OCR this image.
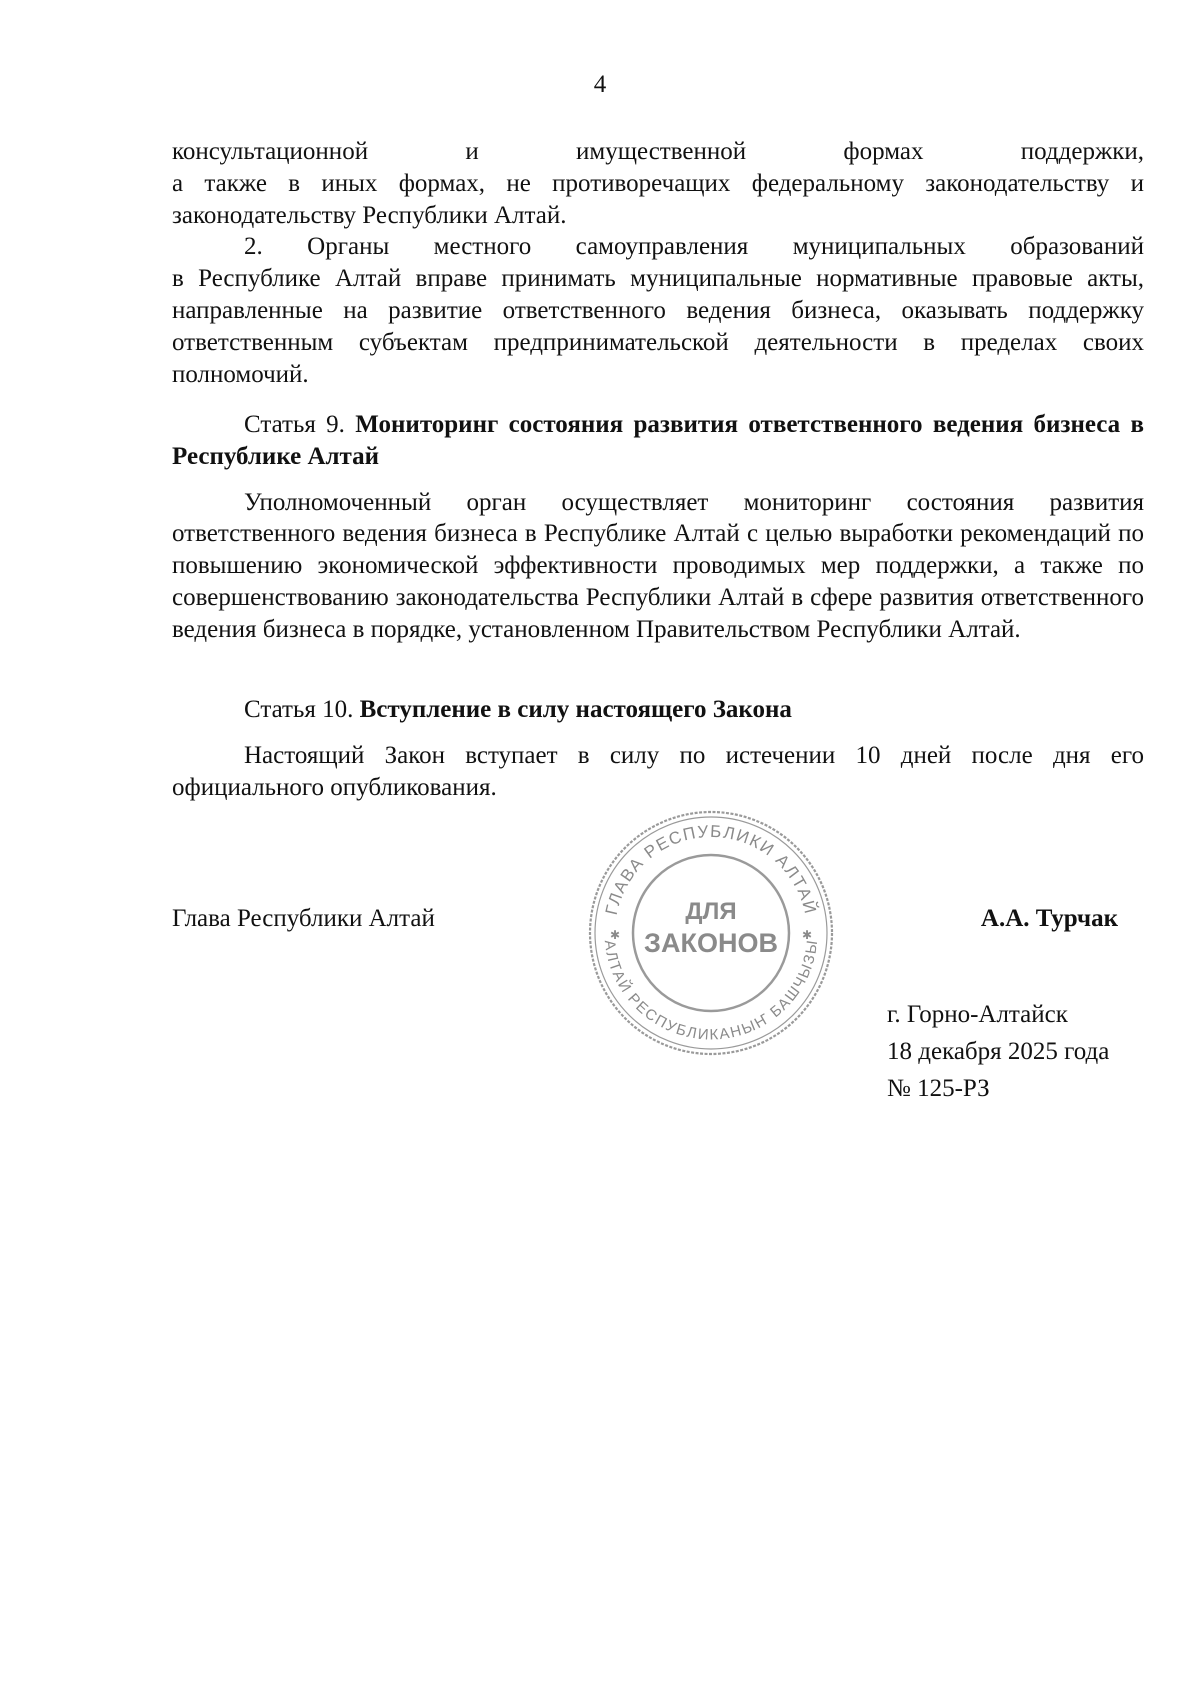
4

консультационной и имущественной формах поддержки,

а также в иных формах, не противоречащих федеральному законодательству и законодательству Республики Алтай.

2. Органы местного самоуправления муниципальных образований

в Республике Алтай вправе принимать муниципальные нормативные правовые акты, направленные на развитие ответственного ведения бизнеса, оказывать поддержку ответственным субъектам предпринимательской деятельности в пределах своих полномочий.

Статья 9. Мониторинг состояния развития ответственного ведения бизнеса в Республике Алтай

Уполномоченный орган осуществляет мониторинг состояния развития ответственного ведения бизнеса в Республике Алтай с целью выработки рекомендаций по повышению экономической эффективности проводимых мер поддержки, а также по совершенствованию законодательства Республики Алтай в сфере развития ответственного ведения бизнеса в порядке, установленном Правительством Республики Алтай.

Статья 10. Вступление в силу настоящего Закона

Настоящий Закон вступает в силу по истечении 10 дней после дня его официального опубликования.

Глава Республики Алтай	А.А. Турчак
ГЛАВА РЕСПУБЛИКИ АЛТАЙ
АЛТАЙ РЕСПУБЛИКАНЫҤ БАШЧЫЗЫ
✱	✱
ДЛЯ
ЗАКОНОВ
г. Горно-Алтайск
18 декабря 2025 года
№ 125-РЗ
